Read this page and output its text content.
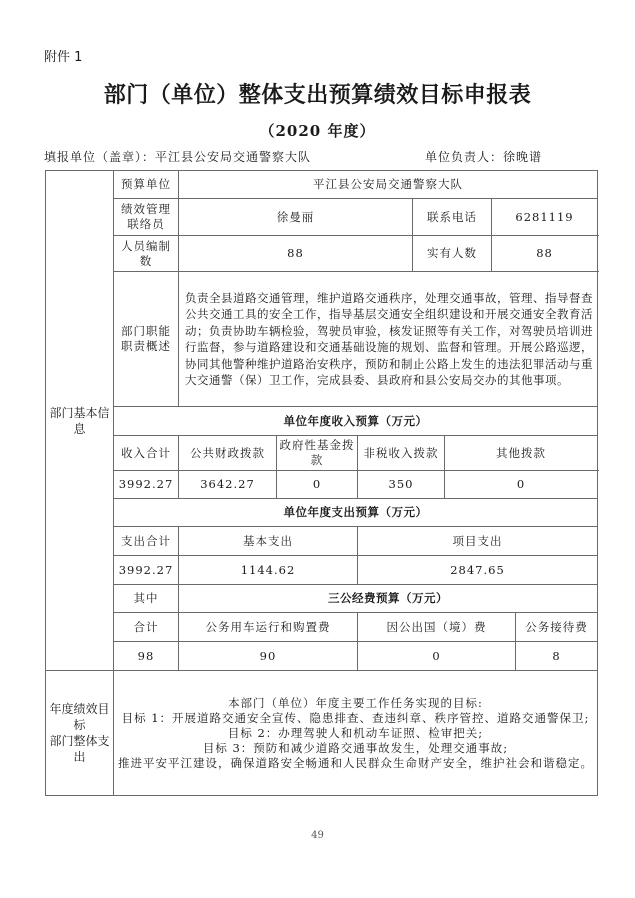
附件 1
部门（单位）整体支出预算绩效目标申报表
（2020 年度）
填报单位（盖章）：平江县公安局交通警察大队	单位负责人：徐晚谱
部门基本信息	预算单位	平江县公安局交通警察大队						
	绩效管理联络员	徐曼丽			联系电话		6281119	
	人员编制数	88			实有人数		88	
	部门职能职责概述	负责全县道路交通管理，维护道路交通秩序，处理交通事故，管理、指导督查公共交通工具的安全工作，指导基层交通安全组织建设和开展交通安全教育活动；负责协助车辆检验，驾驶员审验，核发证照等有关工作，对驾驶员培训进行监督，参与道路建设和交通基础设施的规划、监督和管理。开展公路巡逻，协同其他警种维护道路治安秩序，预防和制止公路上发生的违法犯罪活动与重大交通警（保）卫工作，完成县委、县政府和县公安局交办的其他事项。						
	单位年度收入预算（万元）							
	收入合计	公共财政拨款	政府性基金拨款	非税收入拨款		其他拨款		
	3992.27	3642.27	0	350		0		
	单位年度支出预算（万元）							
	支出合计	基本支出		项目支出				
	3992.27	1144.62		2847.65				
	其中	三公经费预算（万元）						
	合计	公务用车运行和购置费		因公出国（境）费				公务接待费
	98	90		0				8

年度绩效目标
部门整体支出	本部门（单位）年度主要工作任务实现的目标:
目标 1：开展道路交通安全宣传、隐患排查、查违纠章、秩序管控、道路交通警保卫;
目标 2：办理驾驶人和机动车证照、检审把关;
目标 3：预防和减少道路交通事故发生，处理交通事故;
推进平安平江建设，确保道路安全畅通和人民群众生命财产安全，维护社会和谐稳定。							
49
